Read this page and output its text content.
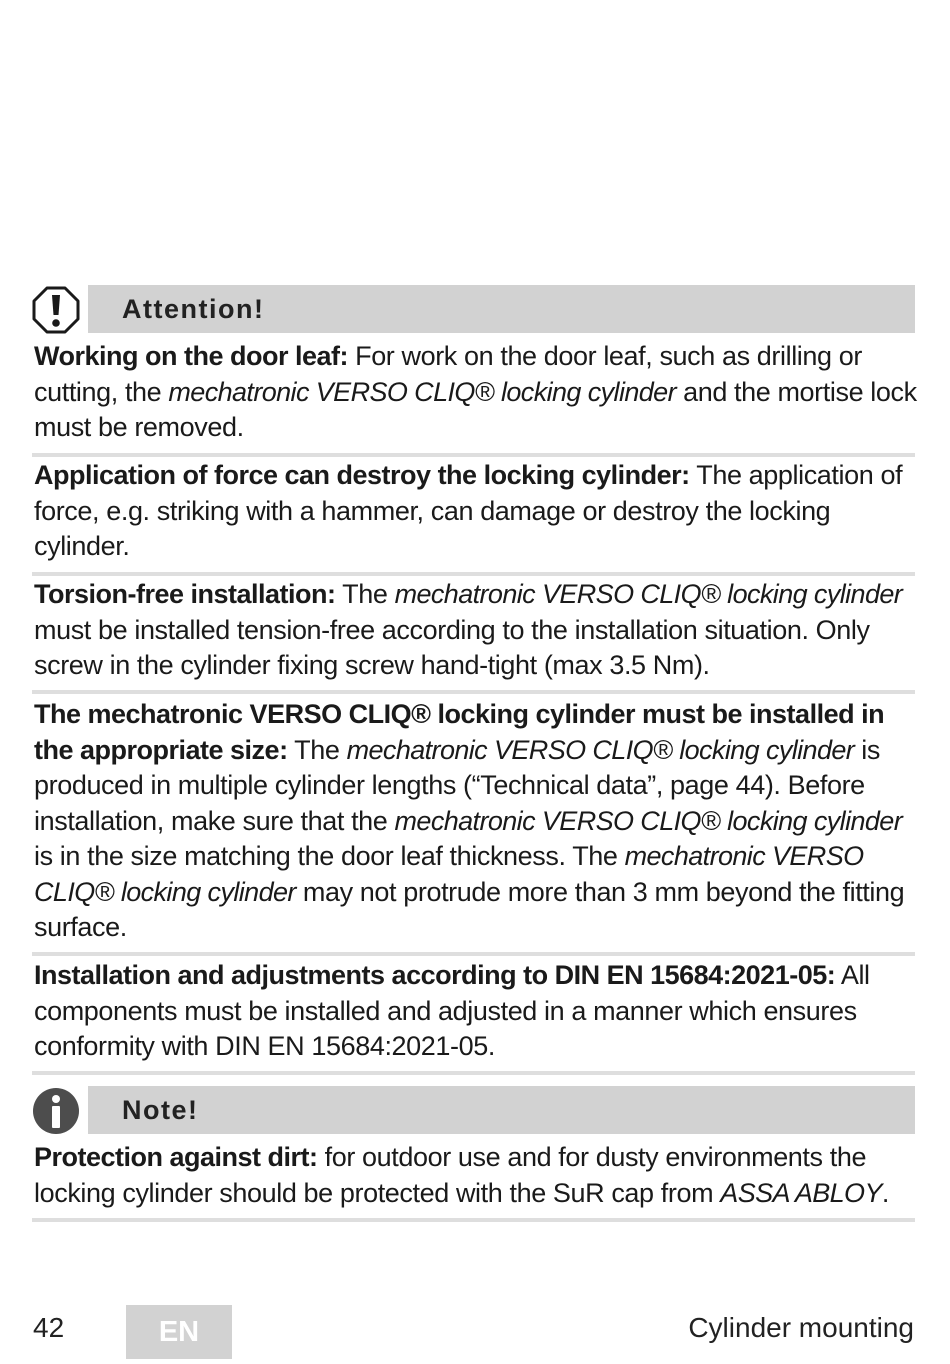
Attention!
Working on the door leaf: For work on the door leaf, such as drilling or cutting, the mechatronic VERSO CLIQ® locking cylinder and the mortise lock must be removed.
Application of force can destroy the locking cylinder: The application of force, e.g. striking with a hammer, can damage or destroy the locking cylinder.
Torsion-free installation: The mechatronic VERSO CLIQ® locking cylinder must be installed tension-free according to the installation situation. Only screw in the cylinder fixing screw hand-tight (max 3.5 Nm).
The mechatronic VERSO CLIQ® locking cylinder must be installed in the appropriate size: The mechatronic VERSO CLIQ® locking cylinder is produced in multiple cylinder lengths (“Technical data”, page 44). Before installation, make sure that the mechatronic VERSO CLIQ® locking cylinder is in the size matching the door leaf thickness. The mechatronic VERSO CLIQ® locking cylinder may not protrude more than 3 mm beyond the fitting surface.
Installation and adjustments according to DIN EN 15684:2021-05: All components must be installed and adjusted in a manner which ensures conformity with DIN EN 15684:2021-05.
Note!
Protection against dirt: for outdoor use and for dusty environments the locking cylinder should be protected with the SuR cap from ASSA ABLOY.
42	EN	Cylinder mounting
